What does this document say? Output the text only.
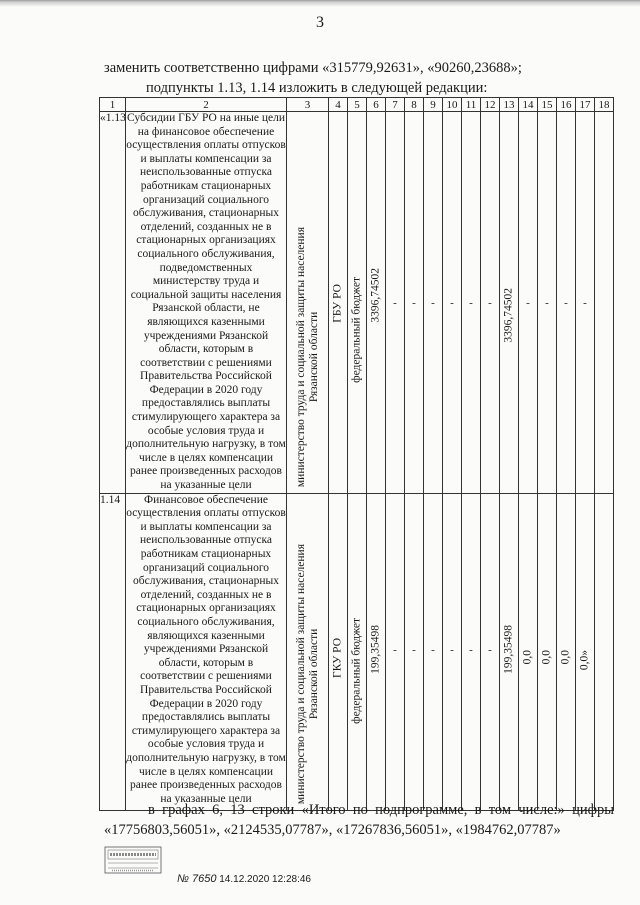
3
заменить соответственно цифрами «315779,92631», «90260,23688»;
подпункты 1.13, 1.14 изложить в следующей редакции:
1	2	3	4	5	6	7	8	9	10	11	12	13	14	15	16	17	18
«1.13	Субсидии ГБУ РО на иные цели на финансовое обеспечение осуществления оплаты отпусков и выплаты компенсации за неиспользованные отпуска работникам стационарных организаций социального обслуживания, стационарных отделений, созданных не в стационарных организациях социального обслуживания, подведомственных министерству труда и социальной защиты населения Рязанской области, не являющихся казенными учреждениями Рязанской области, которым в соответствии с решениями Правительства Российской Федерации в 2020 году предоставлялись выплаты стимулирующего характера за особые условия труда и дополнительную нагрузку, в том числе в целях компенсации ранее произведенных расходов на указанные цели	министерство труда и социальной защиты населения
Рязанской области	ГБУ РО	федеральный бюджет	3396,74502	-	-	-	-	-	-	3396,74502	-	-	-	-	

1.14	Финансовое обеспечение осуществления оплаты отпусков и выплаты компенсации за неиспользованные отпуска работникам стационарных организаций социального обслуживания, стационарных отделений, созданных не в стационарных организациях социального обслуживания, являющихся казенными учреждениями Рязанской области, которым в соответствии с решениями Правительства Российской Федерации в 2020 году предоставлялись выплаты стимулирующего характера за особые условия труда и дополнительную нагрузку, в том числе в целях компенсации ранее произведенных расходов на указанные цели	министерство труда и социальной защиты населения
Рязанской области	ГКУ РО	федеральный бюджет	199,35498	-	-	-	-	-	-	199,35498	0,0	0,0	0,0	0,0»	

в графах 6, 13 строки «Итого по подпрограмме, в том числе:» цифры «17756803,56051», «2124535,07787», «17267836,56051», «1984762,07787»
№ 7650 14.12.2020 12:28:46
